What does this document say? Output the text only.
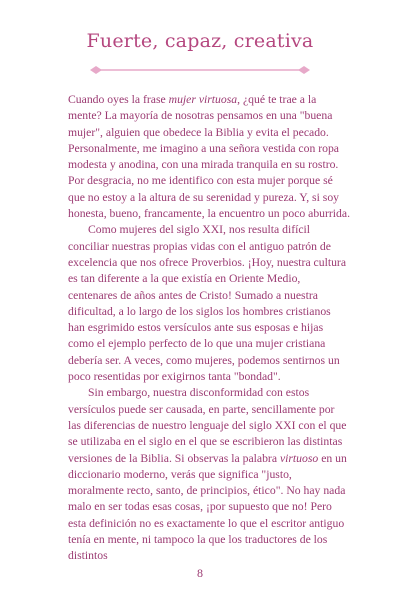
Fuerte, capaz, creativa

Cuando oyes la frase mujer virtuosa, ¿qué te trae a la mente? La mayoría de nosotras pensamos en una "buena mujer", alguien que obedece la Biblia y evita el pecado. Personalmente, me imagino a una señora vestida con ropa modesta y anodina, con una mirada tranquila en su rostro. Por desgracia, no me identifico con esta mujer porque sé que no estoy a la altura de su serenidad y pureza. Y, si soy honesta, bueno, francamente, la encuentro un poco aburrida.

Como mujeres del siglo XXI, nos resulta difícil conciliar nuestras propias vidas con el antiguo patrón de excelencia que nos ofrece Proverbios. ¡Hoy, nuestra cultura es tan diferente a la que existía en Oriente Medio, centenares de años antes de Cristo! Sumado a nuestra dificultad, a lo largo de los siglos los hombres cristianos han esgrimido estos versículos ante sus esposas e hijas como el ejemplo perfecto de lo que una mujer cristiana debería ser. A veces, como mujeres, podemos sentirnos un poco resentidas por exigirnos tanta "bondad".

Sin embargo, nuestra disconformidad con estos versículos puede ser causada, en parte, sencillamente por las diferencias de nuestro lenguaje del siglo XXI con el que se utilizaba en el siglo en el que se escribieron las distintas versiones de la Biblia. Si observas la palabra virtuoso en un diccionario moderno, verás que significa "justo, moralmente recto, santo, de principios, ético". No hay nada malo en ser todas esas cosas, ¡por supuesto que no! Pero esta definición no es exactamente lo que el escritor antiguo tenía en mente, ni tampoco la que los traductores de los distintos

8
